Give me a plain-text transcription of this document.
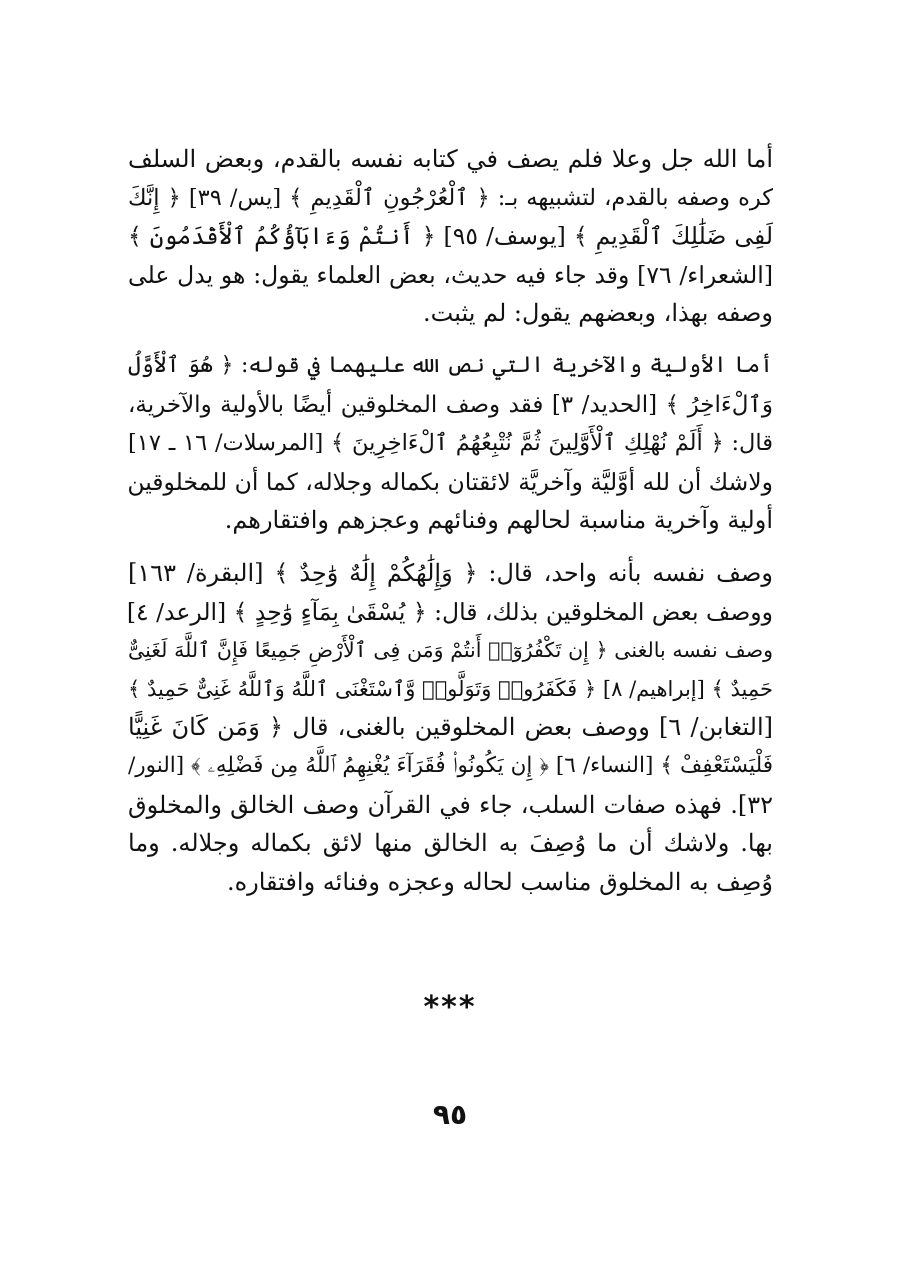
أما الله جل وعلا فلم يصف في كتابه نفسه بالقدم، وبعض السلف
كره وصفه بالقدم، لتشبيهه بـ: ﴿ ٱلْعُرْجُونِ ٱلْقَدِيمِ ﴾ [يس/ ٣٩] ﴿ إِنَّكَ
لَفِى ضَلَٰلِكَ ٱلْقَدِيمِ ﴾ [يوسف/ ٩٥] ﴿ أَنتُمْ وَءَابَآؤُكُمُ ٱلْأَقْدَمُونَ ﴾
[الشعراء/ ٧٦] وقد جاء فيه حديث، بعض العلماء يقول: هو يدل على
وصفه بهذا، وبعضهم يقول: لم يثبت.
أما الأولية والآخرية التي نص الله عليهما في قوله: ﴿ هُوَ ٱلْأَوَّلُ
وَٱلْءَاخِرُ ﴾ [الحديد/ ٣] فقد وصف المخلوقين أيضًا بالأولية والآخرية،
قال: ﴿ أَلَمْ نُهْلِكِ ٱلْأَوَّلِينَ ثُمَّ نُتْبِعُهُمُ ٱلْءَاخِرِينَ ﴾ [المرسلات/ ١٦ ـ ١٧]
ولاشك أن لله أوَّليَّة وآخريَّة لائقتان بكماله وجلاله، كما أن للمخلوقين
أولية وآخرية مناسبة لحالهم وفنائهم وعجزهم وافتقارهم.
وصف نفسه بأنه واحد، قال: ﴿ وَإِلَٰهُكُمْ إِلَٰهٌ وَٰحِدٌ ﴾ [البقرة/ ١٦٣]
ووصف بعض المخلوقين بذلك، قال: ﴿ يُسْقَىٰ بِمَآءٍ وَٰحِدٍ ﴾ [الرعد/ ٤]
وصف نفسه بالغنى ﴿ إِن تَكْفُرُوٓا۟ أَنتُمْ وَمَن فِى ٱلْأَرْضِ جَمِيعًا فَإِنَّ ٱللَّهَ لَغَنِىٌّ
حَمِيدٌ ﴾ [إبراهيم/ ٨] ﴿ فَكَفَرُوا۟ وَتَوَلَّوا۟ وَّٱسْتَغْنَى ٱللَّهُ وَٱللَّهُ غَنِىٌّ حَمِيدٌ ﴾
[التغابن/ ٦] ووصف بعض المخلوقين بالغنى، قال ﴿ وَمَن كَانَ غَنِيًّا
فَلْيَسْتَعْفِفْ ﴾ [النساء/ ٦] ﴿ إِن يَكُونُوا۟ فُقَرَآءَ يُغْنِهِمُ ٱللَّهُ مِن فَضْلِهِۦ ﴾ [النور/
٣٢]. فهذه صفات السلب، جاء في القرآن وصف الخالق والمخلوق
بها. ولاشك أن ما وُصِفَ به الخالق منها لائق بكماله وجلاله. وما
وُصِف به المخلوق مناسب لحاله وعجزه وفنائه وافتقاره.
***
٩٥
